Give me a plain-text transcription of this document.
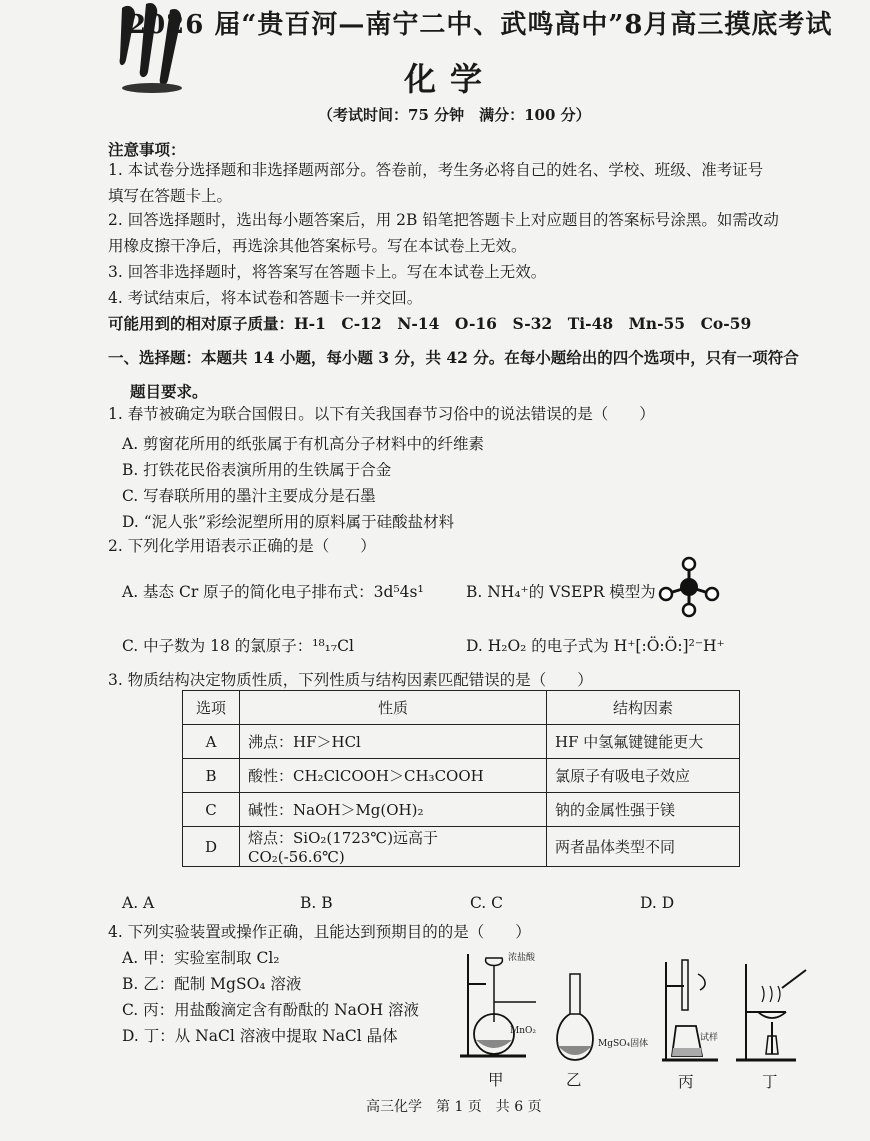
2026 届“贵百河—南宁二中、武鸣高中”8月高三摸底考试
化学
（考试时间：75 分钟　满分：100 分）
注意事项：
1. 本试卷分选择题和非选择题两部分。答卷前，考生务必将自己的姓名、学校、班级、准考证号
填写在答题卡上。
2. 回答选择题时，选出每小题答案后，用 2B 铅笔把答题卡上对应题目的答案标号涂黑。如需改动
用橡皮擦干净后，再选涂其他答案标号。写在本试卷上无效。
3. 回答非选择题时，将答案写在答题卡上。写在本试卷上无效。
4. 考试结束后，将本试卷和答题卡一并交回。
可能用到的相对原子质量：H-1　C-12　N-14　O-16　S-32　Ti-48　Mn-55　Co-59
一、选择题：本题共 14 小题，每小题 3 分，共 42 分。在每小题给出的四个选项中，只有一项符合
题目要求。
1. 春节被确定为联合国假日。以下有关我国春节习俗中的说法错误的是（　　）
A. 剪窗花所用的纸张属于有机高分子材料中的纤维素
B. 打铁花民俗表演所用的生铁属于合金
C. 写春联所用的墨汁主要成分是石墨
D. “泥人张”彩绘泥塑所用的原料属于硅酸盐材料
2. 下列化学用语表示正确的是（　　）
A. 基态 Cr 原子的简化电子排布式：3d⁵4s¹	B. NH₄⁺的 VSEPR 模型为
C. 中子数为 18 的氯原子：¹⁸₁₇Cl	D. H₂O₂ 的电子式为 H⁺[:Ö:Ö:]²⁻H⁺
3. 物质结构决定物质性质，下列性质与结构因素匹配错误的是（　　）
选项	性质	结构因素
A	沸点：HF＞HCl	HF 中氢氟键键能更大
B	酸性：CH₂ClCOOH＞CH₃COOH	氯原子有吸电子效应
C	碱性：NaOH＞Mg(OH)₂	钠的金属性强于镁
D	熔点：SiO₂(1723℃)远高于 CO₂(-56.6℃)	两者晶体类型不同
A. A	B. B	C. C	D. D
4. 下列实验装置或操作正确，且能达到预期目的的是（　　）
A. 甲：实验室制取 Cl₂
B. 乙：配制 MgSO₄ 溶液
C. 丙：用盐酸滴定含有酚酞的 NaOH 溶液
D. 丁：从 NaCl 溶液中提取 NaCl 晶体
浓盐酸
MnO₂
MgSO₄固体
试样
甲	乙	丙	丁
高三化学　第 1 页　共 6 页
